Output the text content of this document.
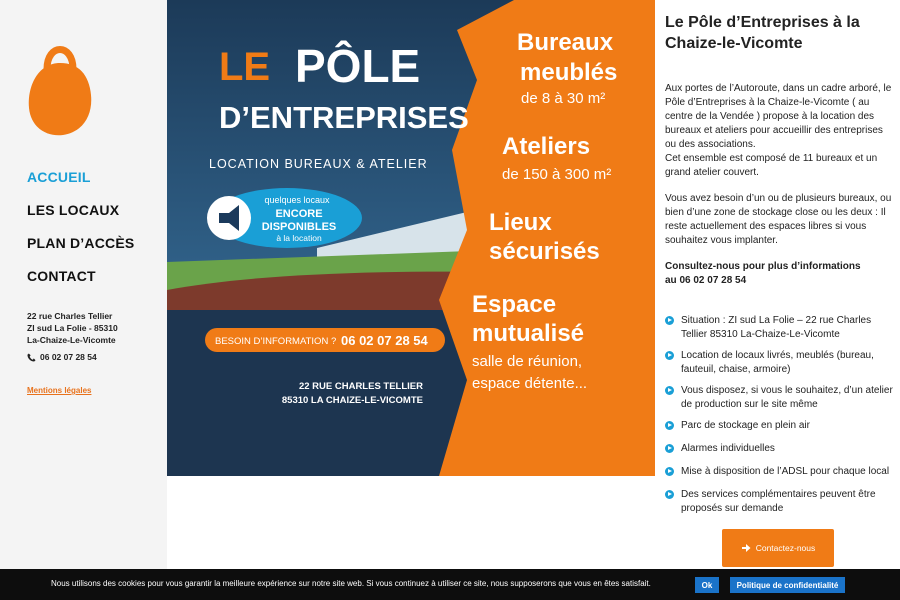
ACCUEIL
LES LOCAUX
PLAN D’ACCÈS
CONTACT
22 rue Charles Tellier
ZI sud La Folie - 85310
La-Chaize-Le-Vicomte
06 02 07 28 54
Mentions légales
LE PÔLE
D’ENTREPRISES
LOCATION BUREAUX & ATELIER
quelques locaux
ENCORE
DISPONIBLES
à la location
BESOIN D’INFORMATION ? 06 02 07 28 54
22 RUE CHARLES TELLIER
85310 LA CHAIZE-LE-VICOMTE
Bureaux
meublés
de 8 à 30 m²
Ateliers
de 150 à 300 m²
Lieux
sécurisés
Espace
mutualisé
salle de réunion,
espace détente...
Le Pôle d’Entreprises à la Chaize-le-Vicomte

Aux portes de l’Autoroute, dans un cadre arboré, le Pôle d’Entreprises à la Chaize-le-Vicomte ( au centre de la Vendée ) propose à la location des bureaux et ateliers pour accueillir des entreprises ou des associations.

Cet ensemble est composé de 11 bureaux et un grand atelier couvert.

Vous avez besoin d’un ou de plusieurs bureaux, ou bien d’une zone de stockage close ou les deux : Il reste actuellement des espaces libres si vous souhaitez vous implanter.

Consultez-nous pour plus d’informations
au 06 02 07 28 54

Situation : ZI sud La Folie – 22 rue Charles Tellier 85310 La-Chaize-Le-Vicomte
Location de locaux livrés, meublés (bureau, fauteuil, chaise, armoire)
Vous disposez, si vous le souhaitez, d’un atelier de production sur le site même
Parc de stockage en plein air
Alarmes individuelles
Mise à disposition de l’ADSL pour chaque local
Des services complémentaires peuvent être proposés sur demande
Contactez-nous
Nous utilisons des cookies pour vous garantir la meilleure expérience sur notre site web. Si vous continuez à utiliser ce site, nous supposerons que vous en êtes satisfait.	Ok	Politique de confidentialité
